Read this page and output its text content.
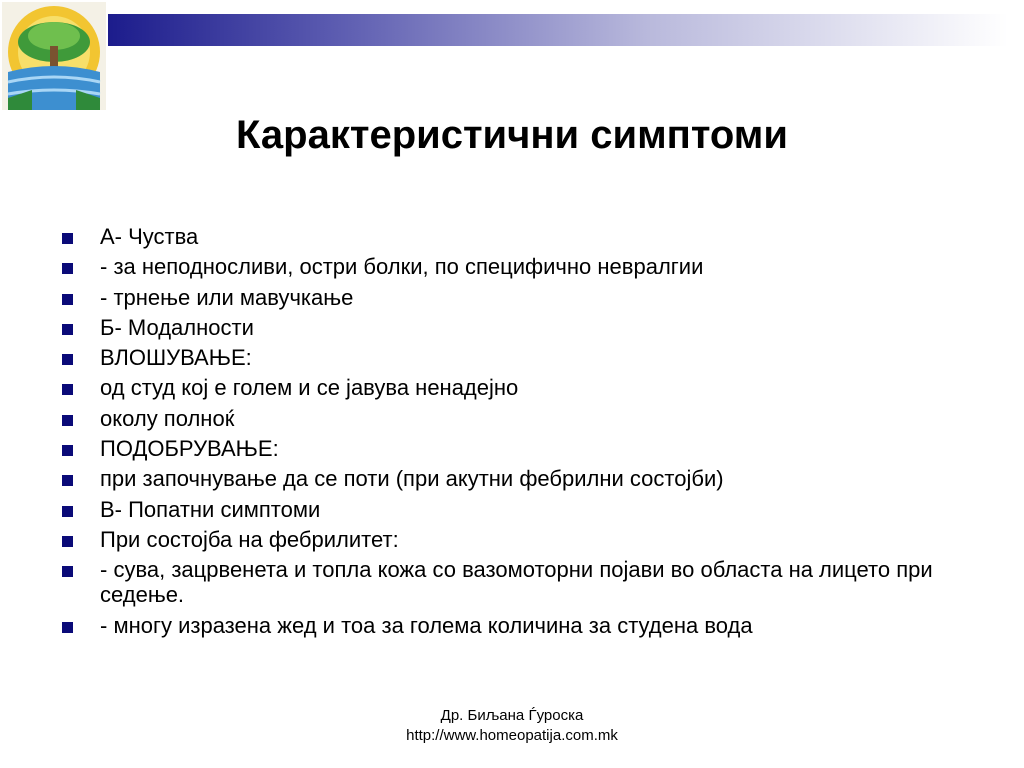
Карактеристични симптоми
А- Чуства
- за неподносливи, остри болки, по специфично невралгии
- трнење или мавучкање
Б- Модалности
ВЛОШУВАЊЕ:
од студ кој е голем и се јавува ненадејно
околу полноќ
ПОДОБРУВАЊЕ:
при започнување да се поти (при акутни фебрилни состојби)
В- Попатни симптоми
При состојба на фебрилитет:
- сува, зацрвенета и топла кожа со вазомоторни појави во областа на лицето при седење.
- многу изразена жед и тоа за голема количина за студена вода
Др. Биљана Ѓуроска
http://www.homeopatija.com.mk
